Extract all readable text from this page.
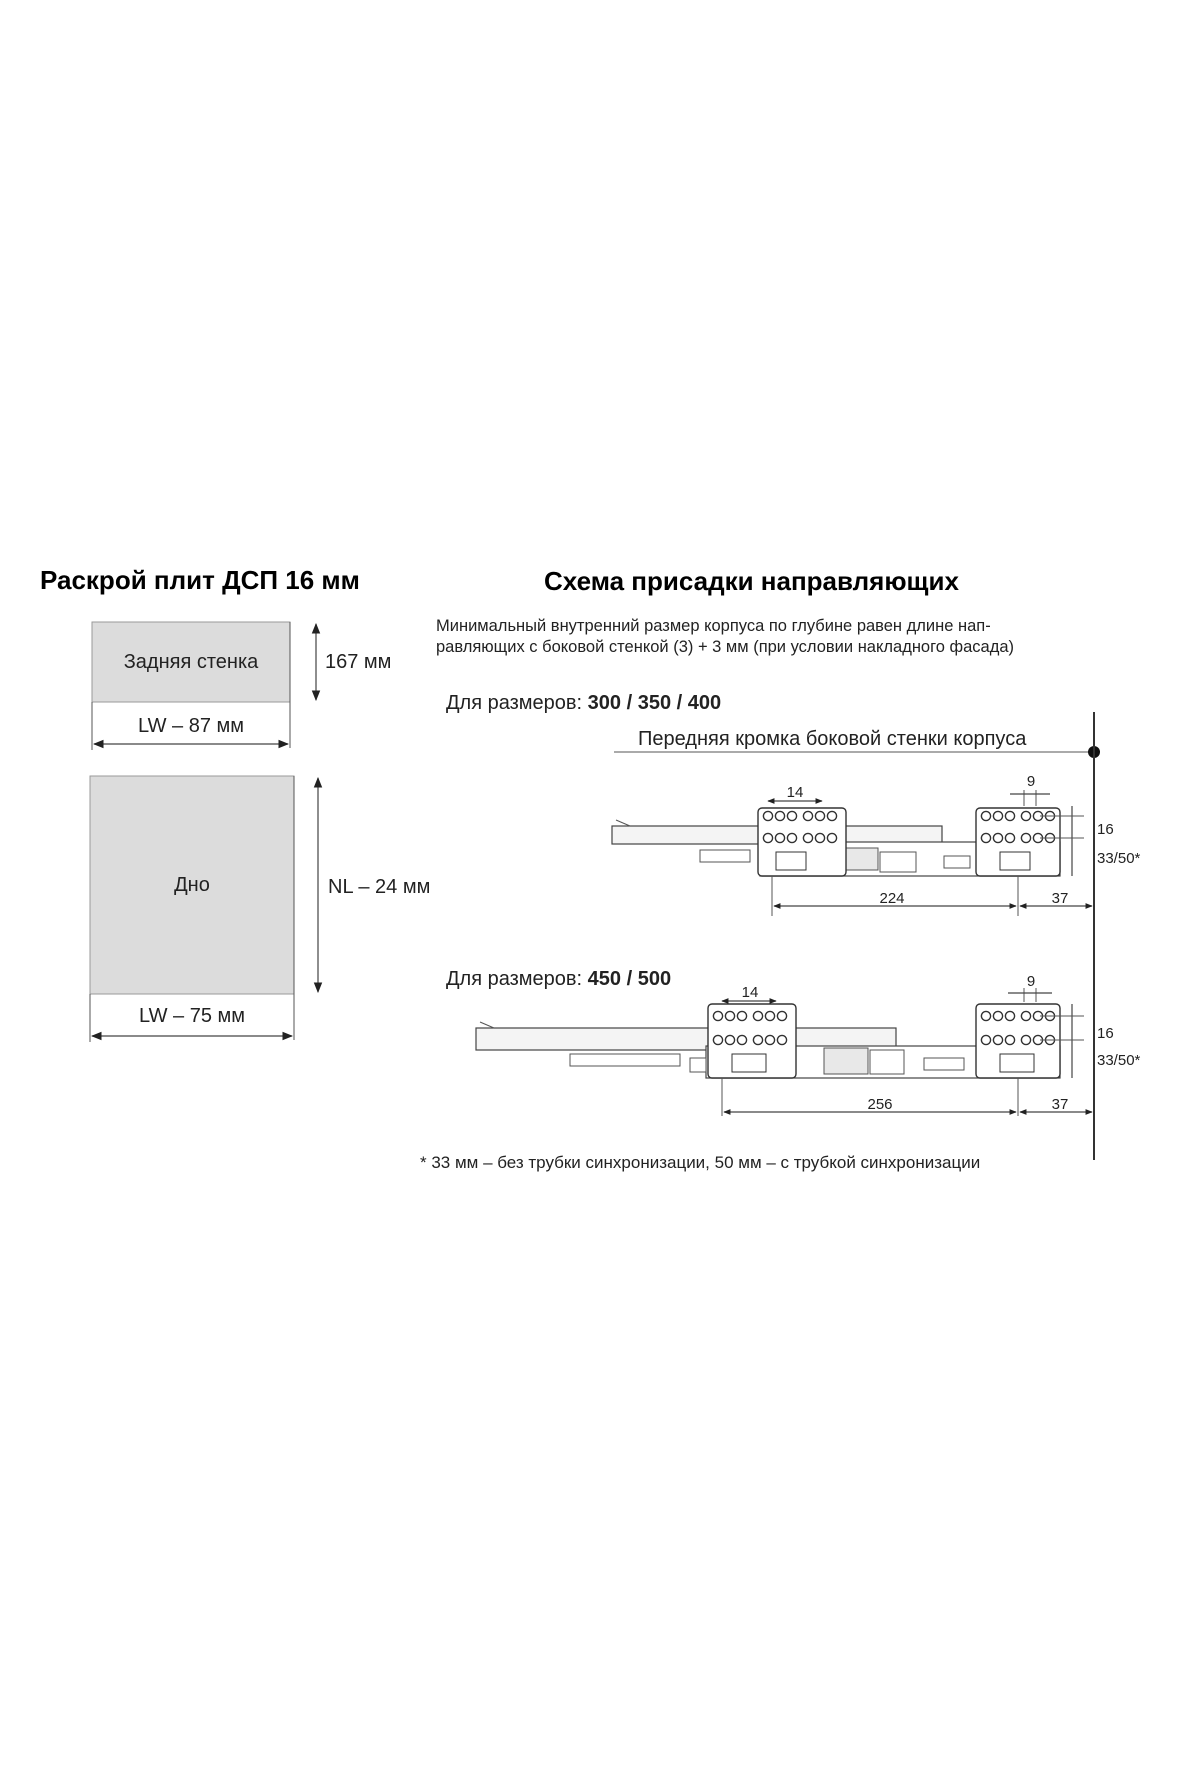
Раскрой плит ДСП 16 мм
Задняя стенка	167 мм
LW – 87 мм
Дно	NL – 24 мм
LW – 75 мм
Схема присадки направляющих
Минимальный внутренний размер корпуса по глубине равен длине нап-
равляющих с боковой стенкой (3) + 3 мм (при условии накладного фасада)
Для размеров: 300 / 350 / 400
Передняя кромка боковой стенки корпуса
14
9
16
33/50*
224	37
Для размеров: 450 / 500
14
9
16
33/50*
256	37
* 33 мм – без трубки синхронизации, 50 мм – с трубкой синхронизации
